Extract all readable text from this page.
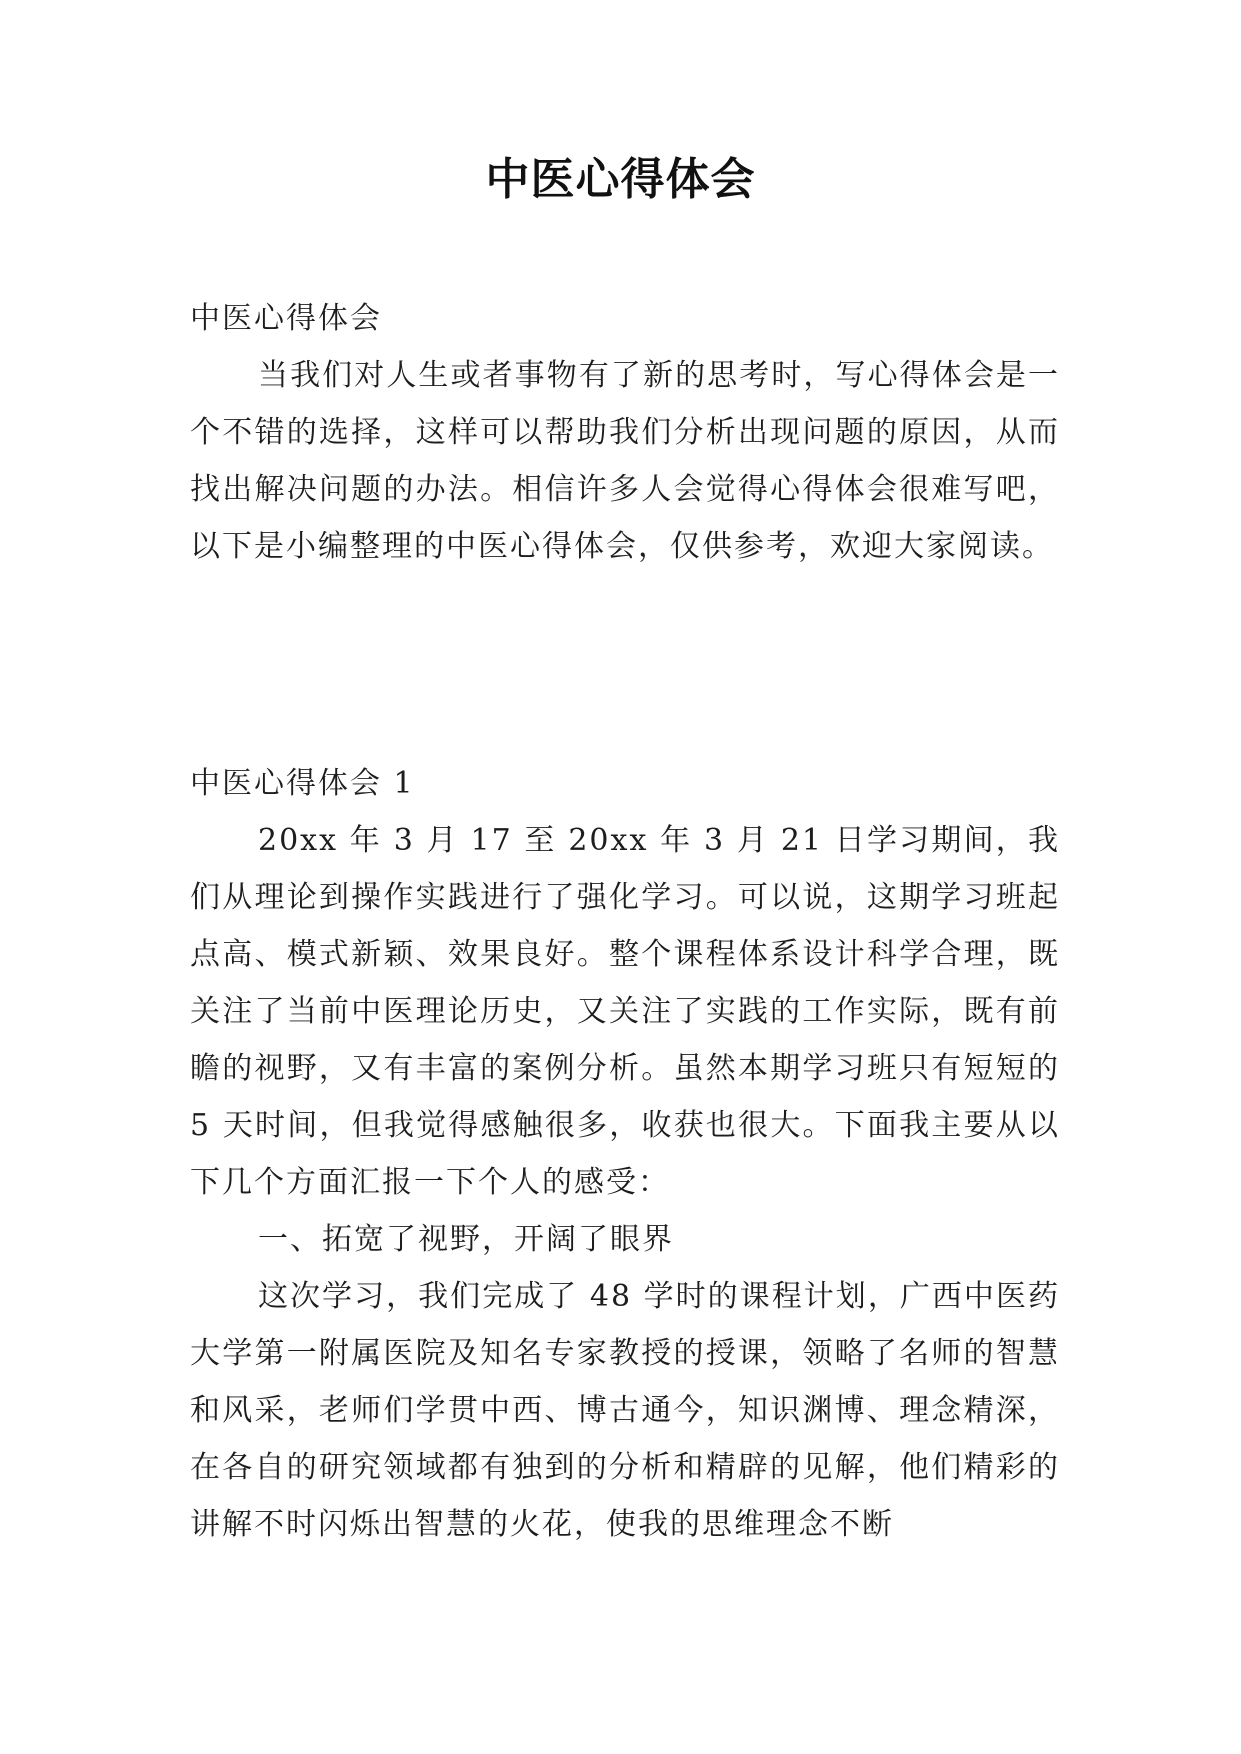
中医心得体会

中医心得体会

当我们对人生或者事物有了新的思考时，写心得体会是一个不错的选择，这样可以帮助我们分析出现问题的原因，从而找出解决问题的办法。相信许多人会觉得心得体会很难写吧，以下是小编整理的中医心得体会，仅供参考，欢迎大家阅读。

中医心得体会 1

20xx 年 3 月 17 至 20xx 年 3 月 21 日学习期间，我们从理论到操作实践进行了强化学习。可以说，这期学习班起点高、模式新颖、效果良好。整个课程体系设计科学合理，既关注了当前中医理论历史，又关注了实践的工作实际，既有前瞻的视野，又有丰富的案例分析。虽然本期学习班只有短短的 5 天时间，但我觉得感触很多，收获也很大。下面我主要从以下几个方面汇报一下个人的感受：

一、拓宽了视野，开阔了眼界

这次学习，我们完成了 48 学时的课程计划，广西中医药大学第一附属医院及知名专家教授的授课，领略了名师的智慧和风采，老师们学贯中西、博古通今，知识渊博、理念精深，在各自的研究领域都有独到的分析和精辟的见解，他们精彩的讲解不时闪烁出智慧的火花，使我的思维理念不断
